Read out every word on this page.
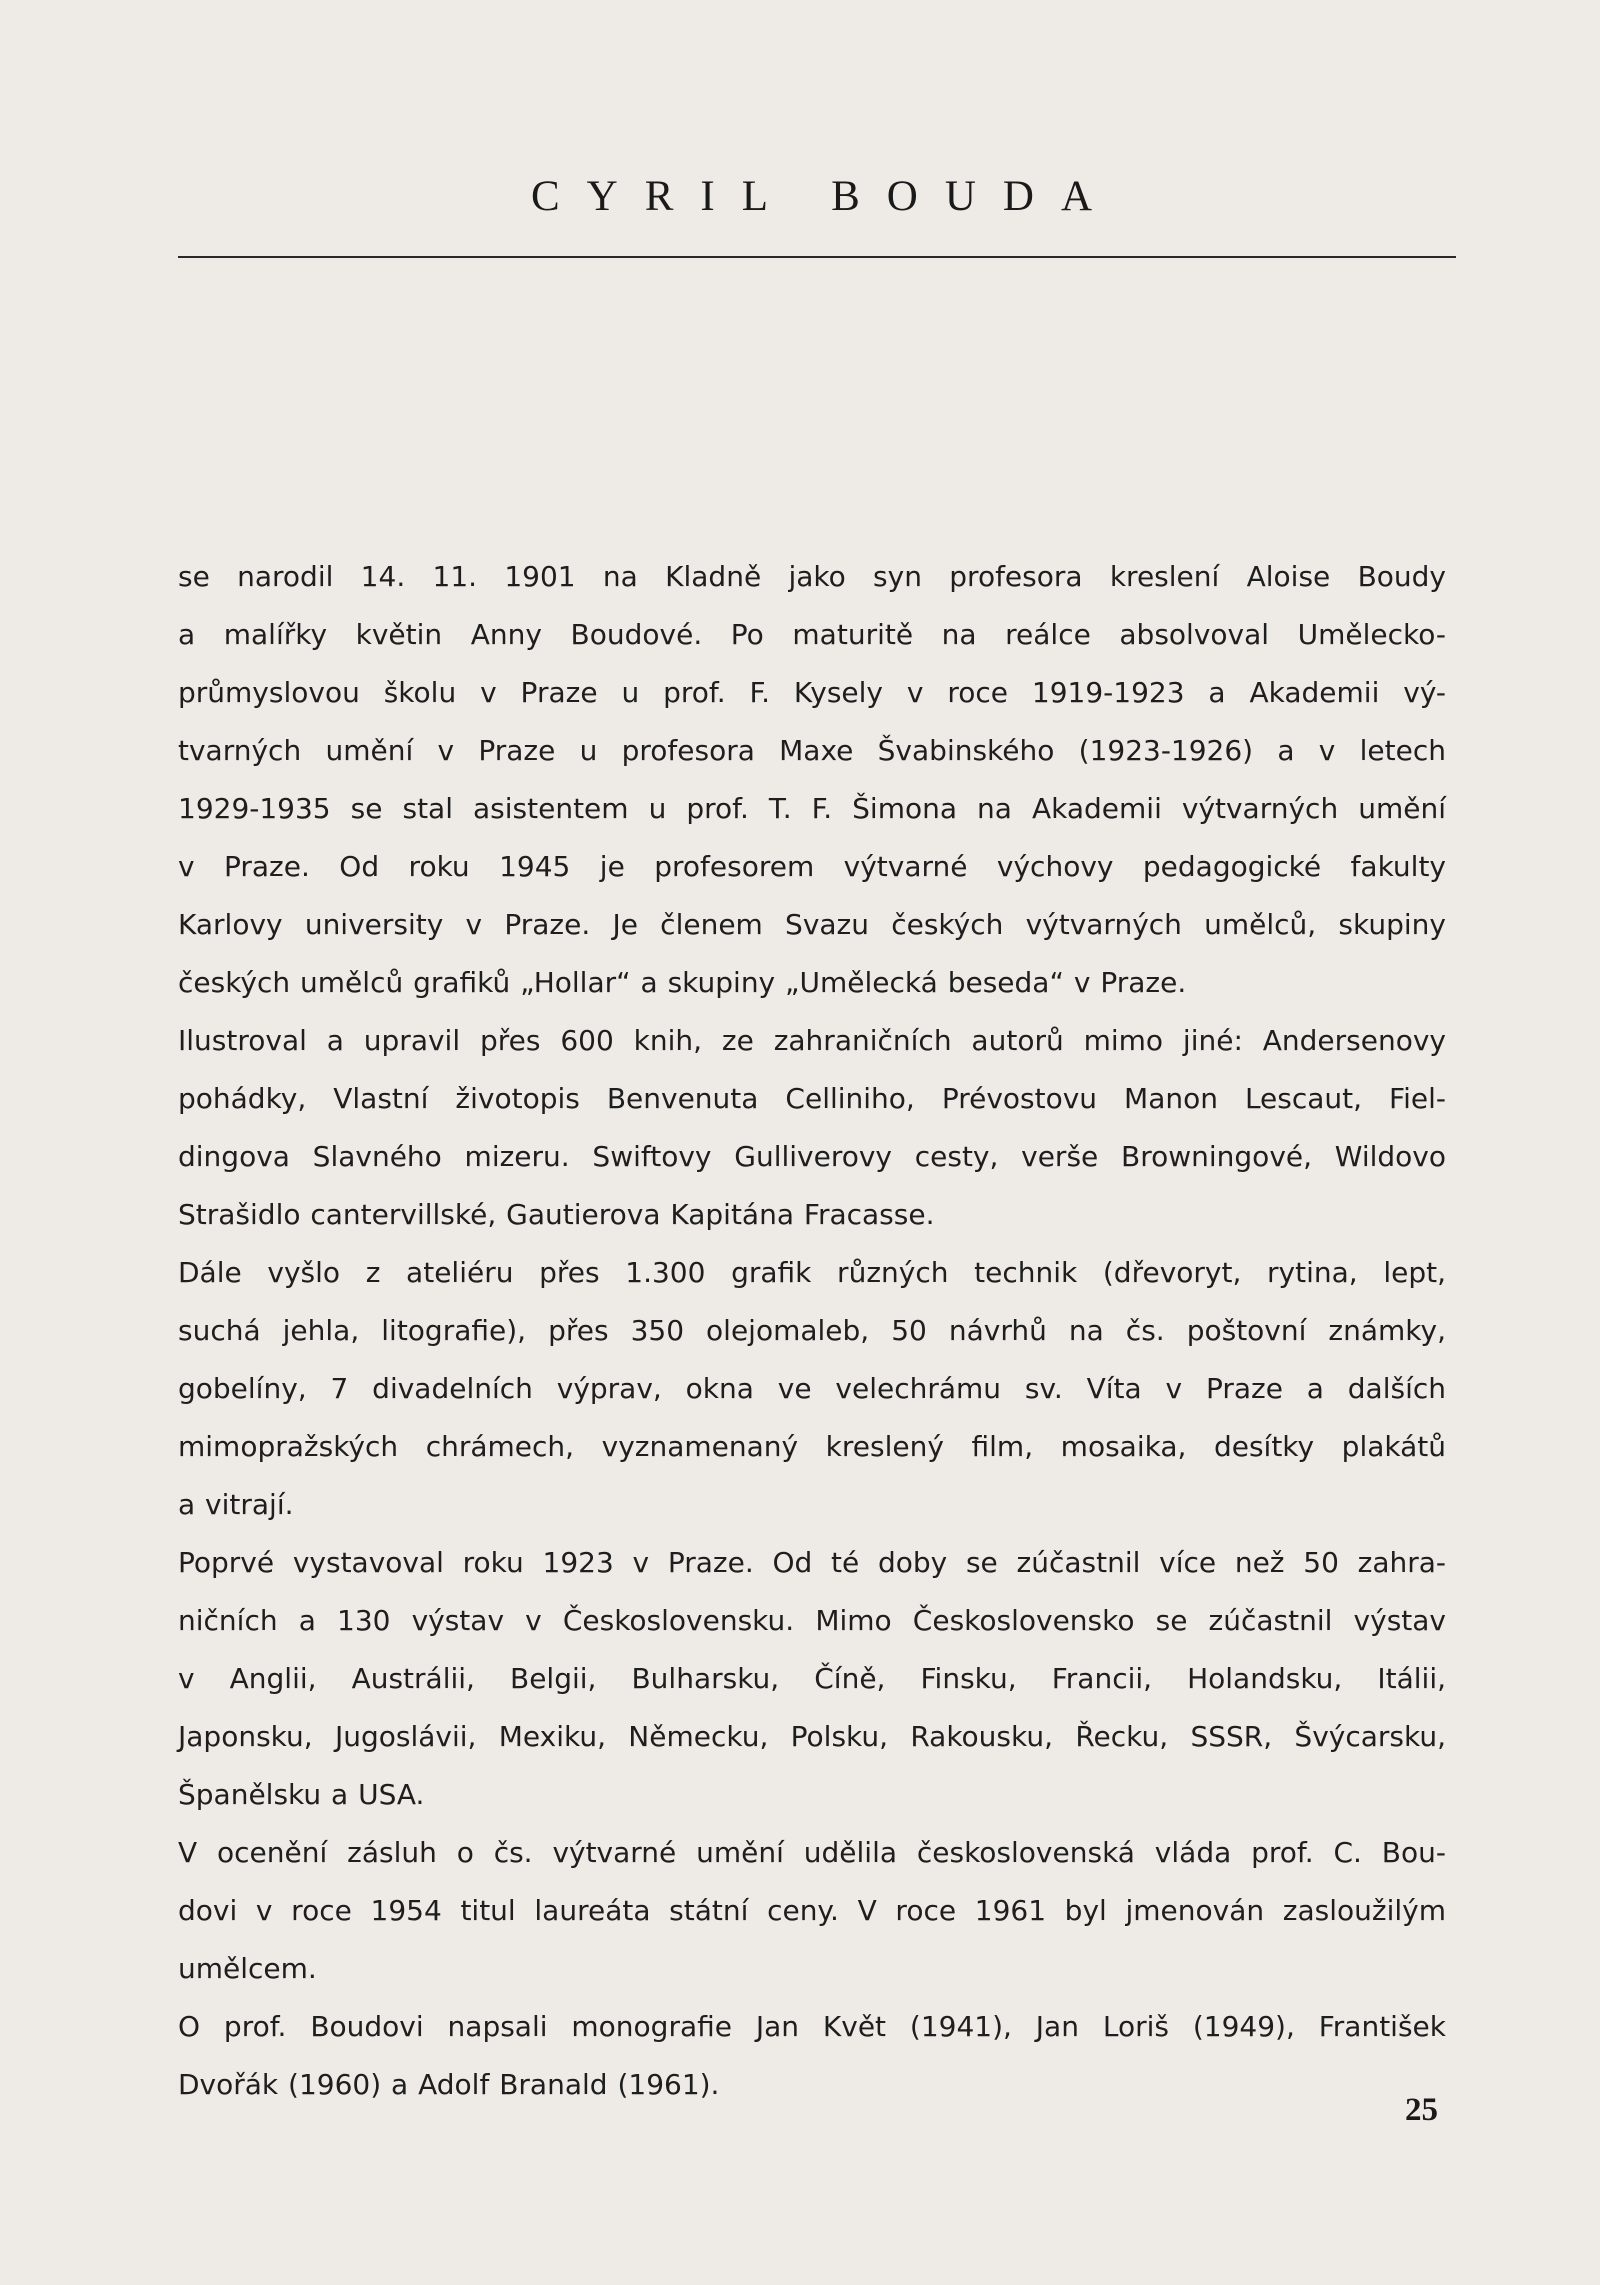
CYRIL BOUDA
se narodil 14. 11. 1901 na Kladně jako syn profesora kreslení Aloise Boudy
a malířky květin Anny Boudové. Po maturitě na reálce absolvoval Umělecko-
průmyslovou školu v Praze u prof. F. Kysely v roce 1919-1923 a Akademii vý-
tvarných umění v Praze u profesora Maxe Švabinského (1923-1926) a v letech
1929-1935 se stal asistentem u prof. T. F. Šimona na Akademii výtvarných umění
v Praze. Od roku 1945 je profesorem výtvarné výchovy pedagogické fakulty
Karlovy university v Praze. Je členem Svazu českých výtvarných umělců, skupiny
českých umělců grafiků „Hollar“ a skupiny „Umělecká beseda“ v Praze.
Ilustroval a upravil přes 600 knih, ze zahraničních autorů mimo jiné: Andersenovy
pohádky, Vlastní životopis Benvenuta Celliniho, Prévostovu Manon Lescaut, Fiel-
dingova Slavného mizeru. Swiftovy Gulliverovy cesty, verše Browningové, Wildovo
Strašidlo cantervillské, Gautierova Kapitána Fracasse.
Dále vyšlo z ateliéru přes 1.300 grafik různých technik (dřevoryt, rytina, lept,
suchá jehla, litografie), přes 350 olejomaleb, 50 návrhů na čs. poštovní známky,
gobelíny, 7 divadelních výprav, okna ve velechrámu sv. Víta v Praze a dalších
mimopražských chrámech, vyznamenaný kreslený film, mosaika, desítky plakátů
a vitrají.
Poprvé vystavoval roku 1923 v Praze. Od té doby se zúčastnil více než 50 zahra-
ničních a 130 výstav v Československu. Mimo Československo se zúčastnil výstav
v Anglii, Austrálii, Belgii, Bulharsku, Číně, Finsku, Francii, Holandsku, Itálii,
Japonsku, Jugoslávii, Mexiku, Německu, Polsku, Rakousku, Řecku, SSSR, Švýcarsku,
Španělsku a USA.
V ocenění zásluh o čs. výtvarné umění udělila československá vláda prof. C. Bou-
dovi v roce 1954 titul laureáta státní ceny. V roce 1961 byl jmenován zasloužilým
umělcem.
O prof. Boudovi napsali monografie Jan Květ (1941), Jan Loriš (1949), František
Dvořák (1960) a Adolf Branald (1961).
25
